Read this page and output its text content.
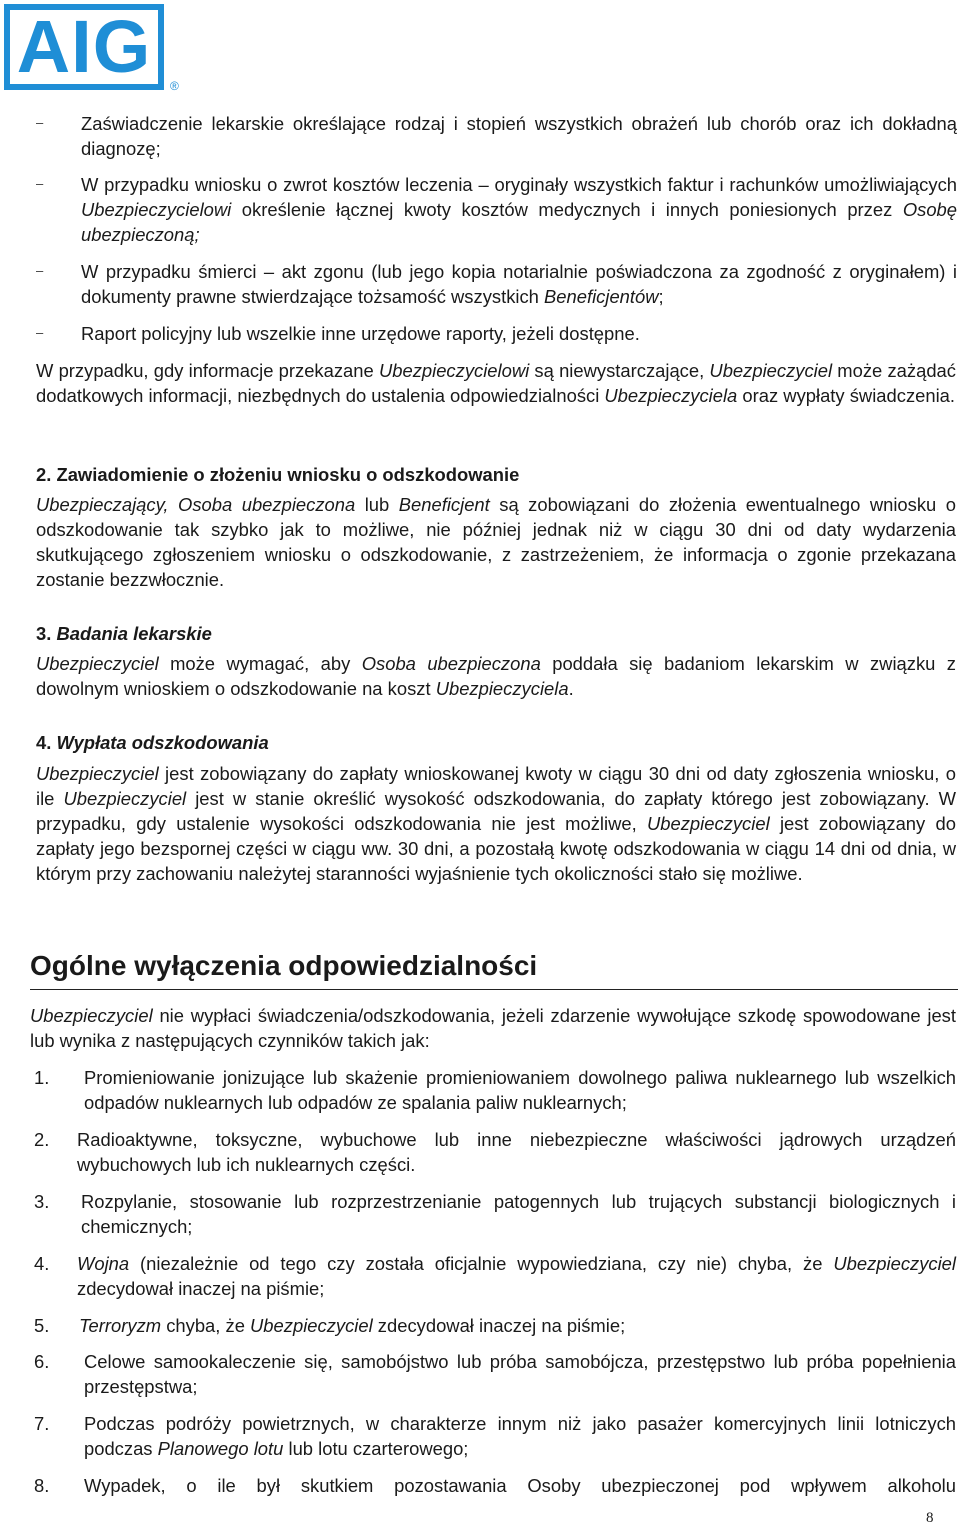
AIG	®
– Zaświadczenie lekarskie określające rodzaj i stopień wszystkich obrażeń lub chorób oraz ich dokładną diagnozę;
– W przypadku wniosku o zwrot kosztów leczenia – oryginały wszystkich faktur i rachunków umożliwiających Ubezpieczycielowi określenie łącznej kwoty kosztów medycznych i innych poniesionych przez Osobę ubezpieczoną;
– W przypadku śmierci – akt zgonu (lub jego kopia notarialnie poświadczona za zgodność z oryginałem) i dokumenty prawne stwierdzające tożsamość wszystkich Beneficjentów;
– Raport policyjny lub wszelkie inne urzędowe raporty, jeżeli dostępne.
W przypadku, gdy informacje przekazane Ubezpieczycielowi są niewystarczające, Ubezpieczyciel może zażądać dodatkowych informacji, niezbędnych do ustalenia odpowiedzialności Ubezpieczyciela oraz wypłaty świadczenia.
2. Zawiadomienie o złożeniu wniosku o odszkodowanie
Ubezpieczający, Osoba ubezpieczona lub Beneficjent są zobowiązani do złożenia ewentualnego wniosku o odszkodowanie tak szybko jak to możliwe, nie później jednak niż w ciągu 30 dni od daty wydarzenia skutkującego zgłoszeniem wniosku o odszkodowanie, z zastrzeżeniem, że informacja o zgonie przekazana zostanie bezzwłocznie.
3. Badania lekarskie
Ubezpieczyciel może wymagać, aby Osoba ubezpieczona poddała się badaniom lekarskim w związku z dowolnym wnioskiem o odszkodowanie na koszt Ubezpieczyciela.
4. Wypłata odszkodowania
Ubezpieczyciel jest zobowiązany do zapłaty wnioskowanej kwoty w ciągu 30 dni od daty zgłoszenia wniosku, o ile Ubezpieczyciel jest w stanie określić wysokość odszkodowania, do zapłaty którego jest zobowiązany. W przypadku, gdy ustalenie wysokości odszkodowania nie jest możliwe, Ubezpieczyciel jest zobowiązany do zapłaty jego bezspornej części w ciągu ww. 30 dni, a pozostałą kwotę odszkodowania w ciągu 14 dni od dnia, w którym przy zachowaniu należytej staranności wyjaśnienie tych okoliczności stało się możliwe.
Ogólne wyłączenia odpowiedzialności
Ubezpieczyciel nie wypłaci świadczenia/odszkodowania, jeżeli zdarzenie wywołujące szkodę spowodowane jest lub wynika z następujących czynników takich jak:
1. Promieniowanie jonizujące lub skażenie promieniowaniem dowolnego paliwa nuklearnego lub wszelkich odpadów nuklearnych lub odpadów ze spalania paliw nuklearnych;
2. Radioaktywne, toksyczne, wybuchowe lub inne niebezpieczne właściwości jądrowych urządzeń wybuchowych lub ich nuklearnych części.
3. Rozpylanie, stosowanie lub rozprzestrzenianie patogennych lub trujących substancji biologicznych i chemicznych;
4. Wojna (niezależnie od tego czy została oficjalnie wypowiedziana, czy nie) chyba, że Ubezpieczyciel zdecydował inaczej na piśmie;
5. Terroryzm chyba, że Ubezpieczyciel zdecydował inaczej na piśmie;
6. Celowe samookaleczenie się, samobójstwo lub próba samobójcza, przestępstwo lub próba popełnienia przestępstwa;
7. Podczas podróży powietrznych, w charakterze innym niż jako pasażer komercyjnych linii lotniczych podczas Planowego lotu lub lotu czarterowego;
8. Wypadek, o ile był skutkiem pozostawania Osoby ubezpieczonej pod wpływem alkoholu
8
